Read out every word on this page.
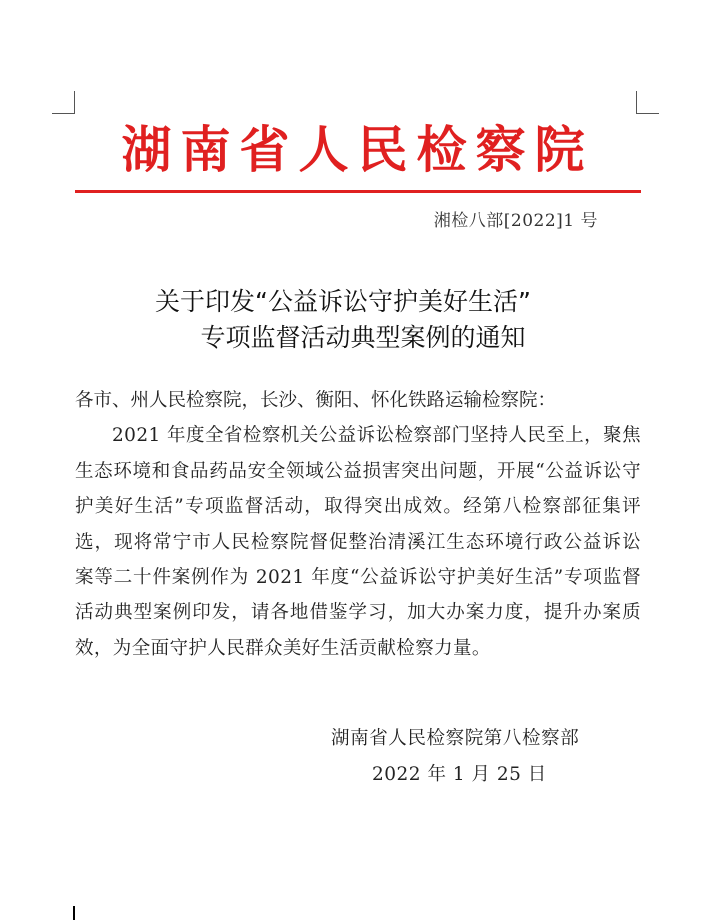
湖南省人民检察院
湘检八部[2022]1 号
关于印发“公益诉讼守护美好生活”
专项监督活动典型案例的通知
各市、州人民检察院，长沙、衡阳、怀化铁路运输检察院：
2021 年度全省检察机关公益诉讼检察部门坚持人民至上，聚焦生态环境和食品药品安全领域公益损害突出问题，开展“公益诉讼守护美好生活”专项监督活动，取得突出成效。经第八检察部征集评选，现将常宁市人民检察院督促整治清溪江生态环境行政公益诉讼案等二十件案例作为 2021 年度“公益诉讼守护美好生活”专项监督活动典型案例印发，请各地借鉴学习，加大办案力度，提升办案质效，为全面守护人民群众美好生活贡献检察力量。
湖南省人民检察院第八检察部
2022 年 1 月 25 日
